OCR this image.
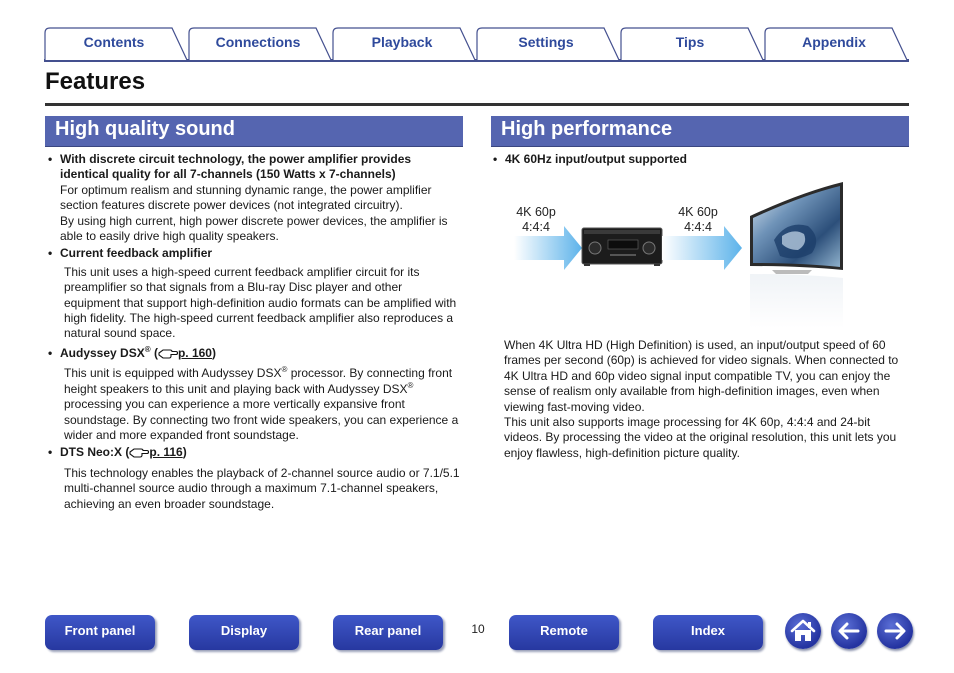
Contents	Connections	Playback	Settings	Tips	Appendix
Features
High quality sound	High performance
• With discrete circuit technology, the power amplifier provides identical quality for all 7-channels (150 Watts x 7-channels)
For optimum realism and stunning dynamic range, the power amplifier section features discrete power devices (not integrated circuitry).
By using high current, high power discrete power devices, the amplifier is able to easily drive high quality speakers.
• Current feedback amplifier
This unit uses a high-speed current feedback amplifier circuit for its preamplifier so that signals from a Blu-ray Disc player and other equipment that support high-definition audio formats can be amplified with high fidelity. The high-speed current feedback amplifier also reproduces a natural sound space.
• Audyssey DSX® ( p. 160)
This unit is equipped with Audyssey DSX® processor. By connecting front height speakers to this unit and playing back with Audyssey DSX® processing you can experience a more vertically expansive front soundstage. By connecting two front wide speakers, you can experience a wider and more expanded front soundstage.
• DTS Neo:X ( p. 116)
This technology enables the playback of 2-channel source audio or 7.1/5.1 multi-channel source audio through a maximum 7.1-channel speakers, achieving an even broader soundstage.
• 4K 60Hz input/output supported
4K 60p
4:4:4
4K 60p
4:4:4
When 4K Ultra HD (High Definition) is used, an input/output speed of 60 frames per second (60p) is achieved for video signals. When connected to 4K Ultra HD and 60p video signal input compatible TV, you can enjoy the sense of realism only available from high-definition images, even when viewing fast-moving video.
This unit also supports image processing for 4K 60p, 4:4:4 and 24-bit videos. By processing the video at the original resolution, this unit lets you enjoy flawless, high-definition picture quality.
Front panel	Display	Rear panel	10	Remote	Index
